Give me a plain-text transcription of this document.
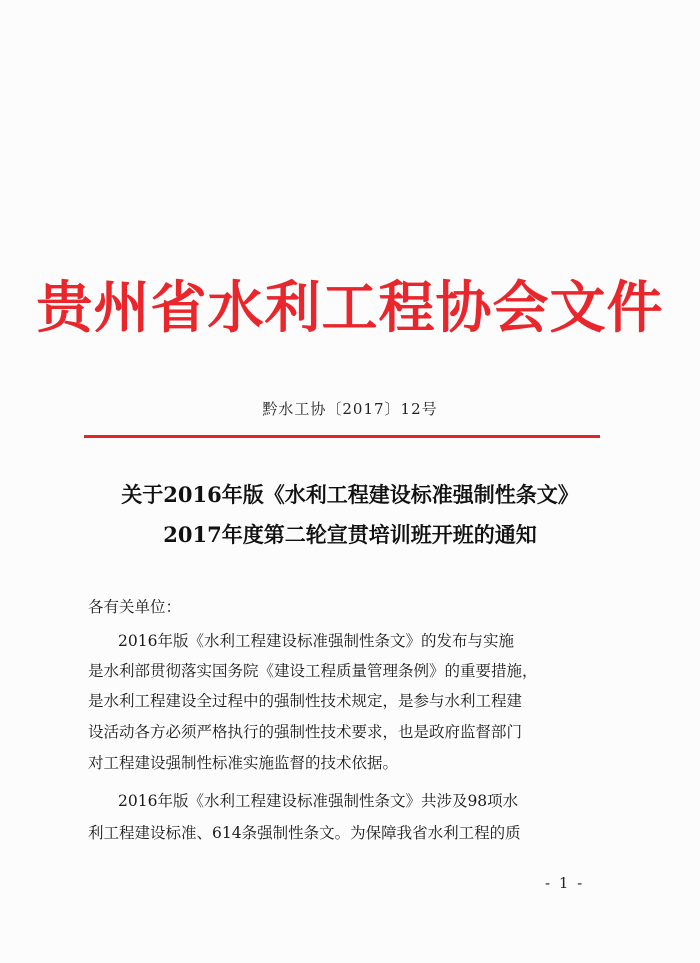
贵州省水利工程协会文件
黔水工协〔2017〕12号
关于2016年版《水利工程建设标准强制性条文》
2017年度第二轮宣贯培训班开班的通知
各有关单位：
2016年版《水利工程建设标准强制性条文》的发布与实施
是水利部贯彻落实国务院《建设工程质量管理条例》的重要措施，
是水利工程建设全过程中的强制性技术规定，是参与水利工程建
设活动各方必须严格执行的强制性技术要求，也是政府监督部门
对工程建设强制性标准实施监督的技术依据。
2016年版《水利工程建设标准强制性条文》共涉及98项水
利工程建设标准、614条强制性条文。为保障我省水利工程的质
- 1 -
